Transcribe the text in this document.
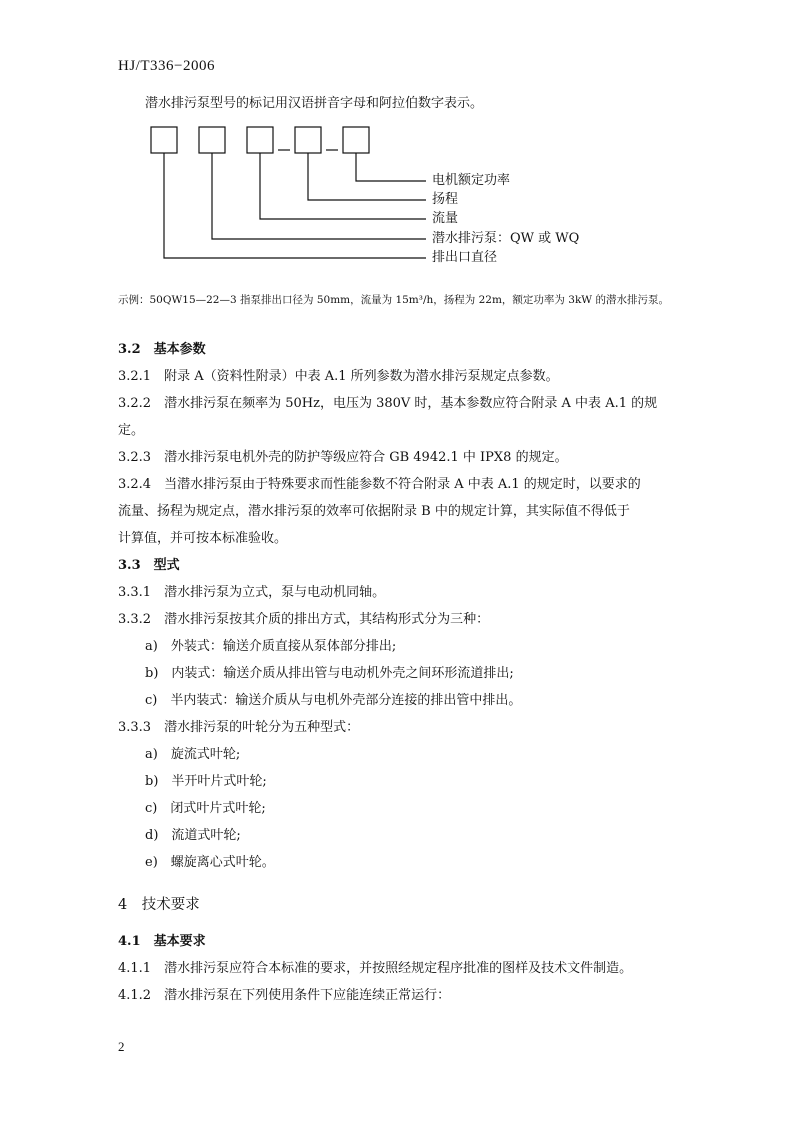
HJ/T336−2006
潜水排污泵型号的标记用汉语拼音字母和阿拉伯数字表示。
电机额定功率
扬程
流量
潜水排污泵：QW 或 WQ
排出口直径
示例：50QW15—22—3 指泵排出口径为 50mm，流量为 15m³/h，扬程为 22m，额定功率为 3kW 的潜水排污泵。
3.2　基本参数
3.2.1　附录 A（资料性附录）中表 A.1 所列参数为潜水排污泵规定点参数。
3.2.2　潜水排污泵在频率为 50Hz，电压为 380V 时，基本参数应符合附录 A 中表 A.1 的规
定。
3.2.3　潜水排污泵电机外壳的防护等级应符合 GB 4942.1 中 IPX8 的规定。
3.2.4　当潜水排污泵由于特殊要求而性能参数不符合附录 A 中表 A.1 的规定时，以要求的
流量、扬程为规定点，潜水排污泵的效率可依据附录 B 中的规定计算，其实际值不得低于
计算值，并可按本标准验收。
3.3　型式
3.3.1　潜水排污泵为立式，泵与电动机同轴。
3.3.2　潜水排污泵按其介质的排出方式，其结构形式分为三种：
a)　外装式：输送介质直接从泵体部分排出;
b)　内装式：输送介质从排出管与电动机外壳之间环形流道排出;
c)　半内装式：输送介质从与电机外壳部分连接的排出管中排出。
3.3.3　潜水排污泵的叶轮分为五种型式：
a)　旋流式叶轮;
b)　半开叶片式叶轮;
c)　闭式叶片式叶轮;
d)　流道式叶轮;
e)　螺旋离心式叶轮。
4　技术要求
4.1　基本要求
4.1.1　潜水排污泵应符合本标准的要求，并按照经规定程序批准的图样及技术文件制造。
4.1.2　潜水排污泵在下列使用条件下应能连续正常运行：
2
